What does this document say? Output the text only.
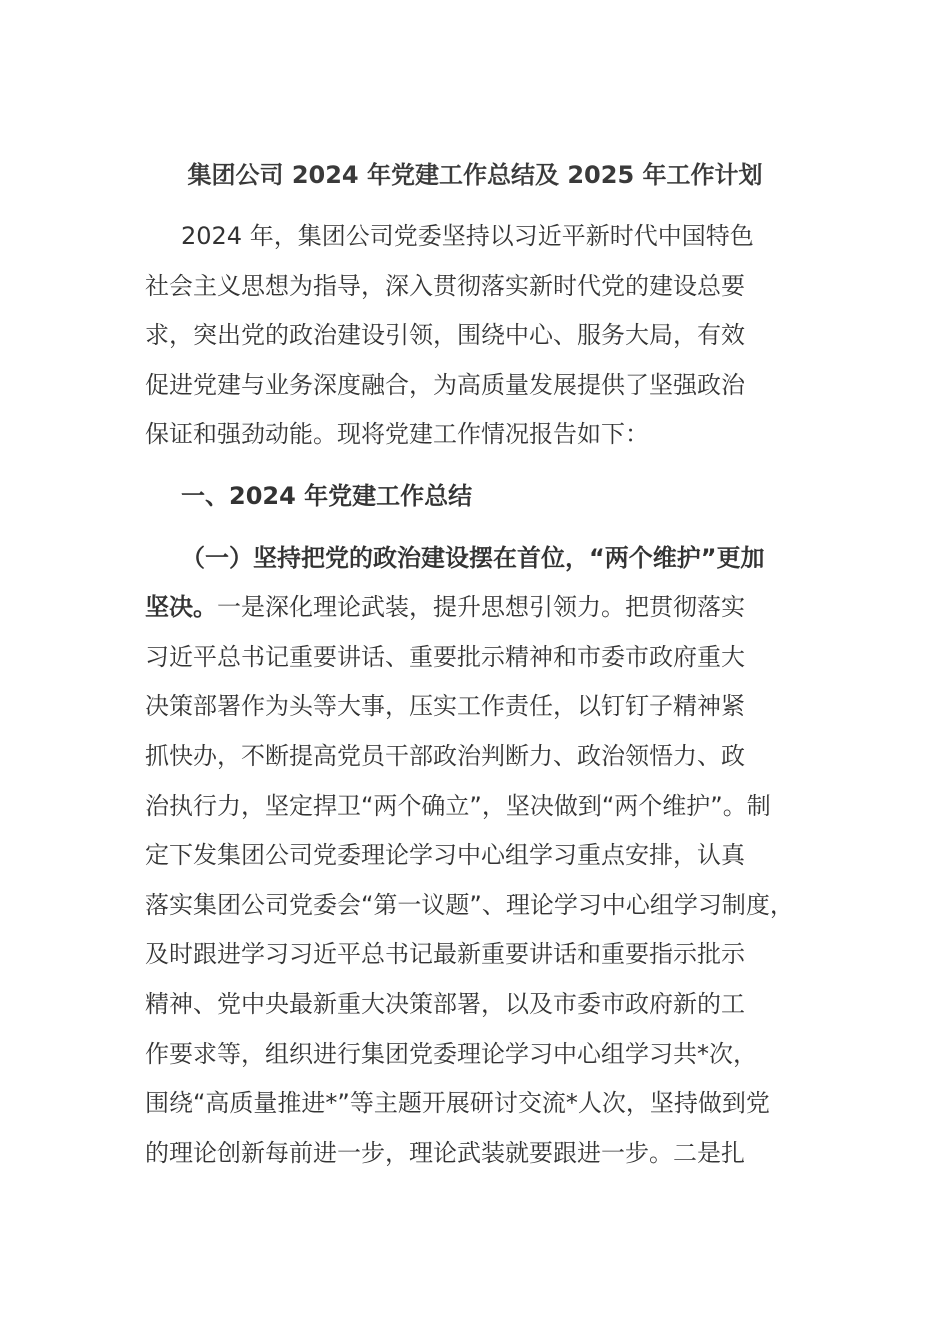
集团公司 2024 年党建工作总结及 2025 年工作计划
2024 年，集团公司党委坚持以习近平新时代中国特色
社会主义思想为指导，深入贯彻落实新时代党的建设总要
求，突出党的政治建设引领，围绕中心、服务大局，有效
促进党建与业务深度融合，为高质量发展提供了坚强政治
保证和强劲动能。现将党建工作情况报告如下：
一、2024 年党建工作总结
（一）坚持把党的政治建设摆在首位，“两个维护”更加
坚决。一是深化理论武装，提升思想引领力。把贯彻落实
习近平总书记重要讲话、重要批示精神和市委市政府重大
决策部署作为头等大事，压实工作责任，以钉钉子精神紧
抓快办，不断提高党员干部政治判断力、政治领悟力、政
治执行力，坚定捍卫“两个确立”，坚决做到“两个维护”。制
定下发集团公司党委理论学习中心组学习重点安排，认真
落实集团公司党委会“第一议题”、理论学习中心组学习制度，
及时跟进学习习近平总书记最新重要讲话和重要指示批示
精神、党中央最新重大决策部署，以及市委市政府新的工
作要求等，组织进行集团党委理论学习中心组学习共*次，
围绕“高质量推进*”等主题开展研讨交流*人次，坚持做到党
的理论创新每前进一步，理论武装就要跟进一步。二是扎
